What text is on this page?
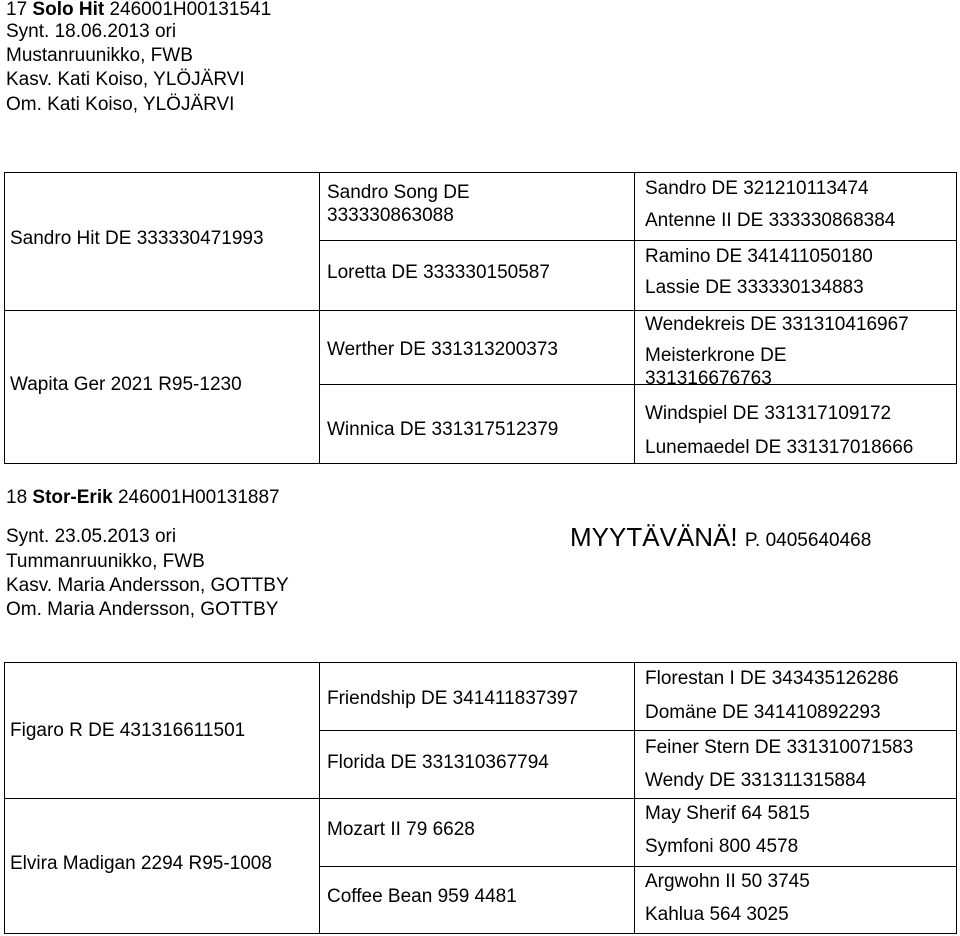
17 Solo Hit 246001H00131541
Synt. 18.06.2013 ori
Mustanruunikko, FWB
Kasv. Kati Koiso, YLÖJÄRVI
Om. Kati Koiso, YLÖJÄRVI
Sandro Hit DE 333330471993
Wapita Ger 2021 R95-1230
Sandro Song DE 333330863088
Loretta DE 333330150587
Werther DE 331313200373
Winnica DE 331317512379
Sandro DE 321210113474
Antenne II DE 333330868384
Ramino DE 341411050180
Lassie DE 333330134883
Wendekreis DE 331310416967
Meisterkrone DE 331316676763
Windspiel DE 331317109172
Lunemaedel DE 331317018666
18 Stor-Erik 246001H00131887
Synt. 23.05.2013 ori
Tummanruunikko, FWB
Kasv. Maria Andersson, GOTTBY
Om. Maria Andersson, GOTTBY
MYYTÄVÄNÄ! P. 0405640468
Figaro R DE 431316611501
Elvira Madigan 2294 R95-1008
Friendship DE 341411837397
Florida DE 331310367794
Mozart II 79 6628
Coffee Bean 959 4481
Florestan I DE 343435126286
Domäne DE 341410892293
Feiner Stern DE 331310071583
Wendy DE 331311315884
May Sherif 64 5815
Symfoni 800 4578
Argwohn II 50 3745
Kahlua 564 3025
